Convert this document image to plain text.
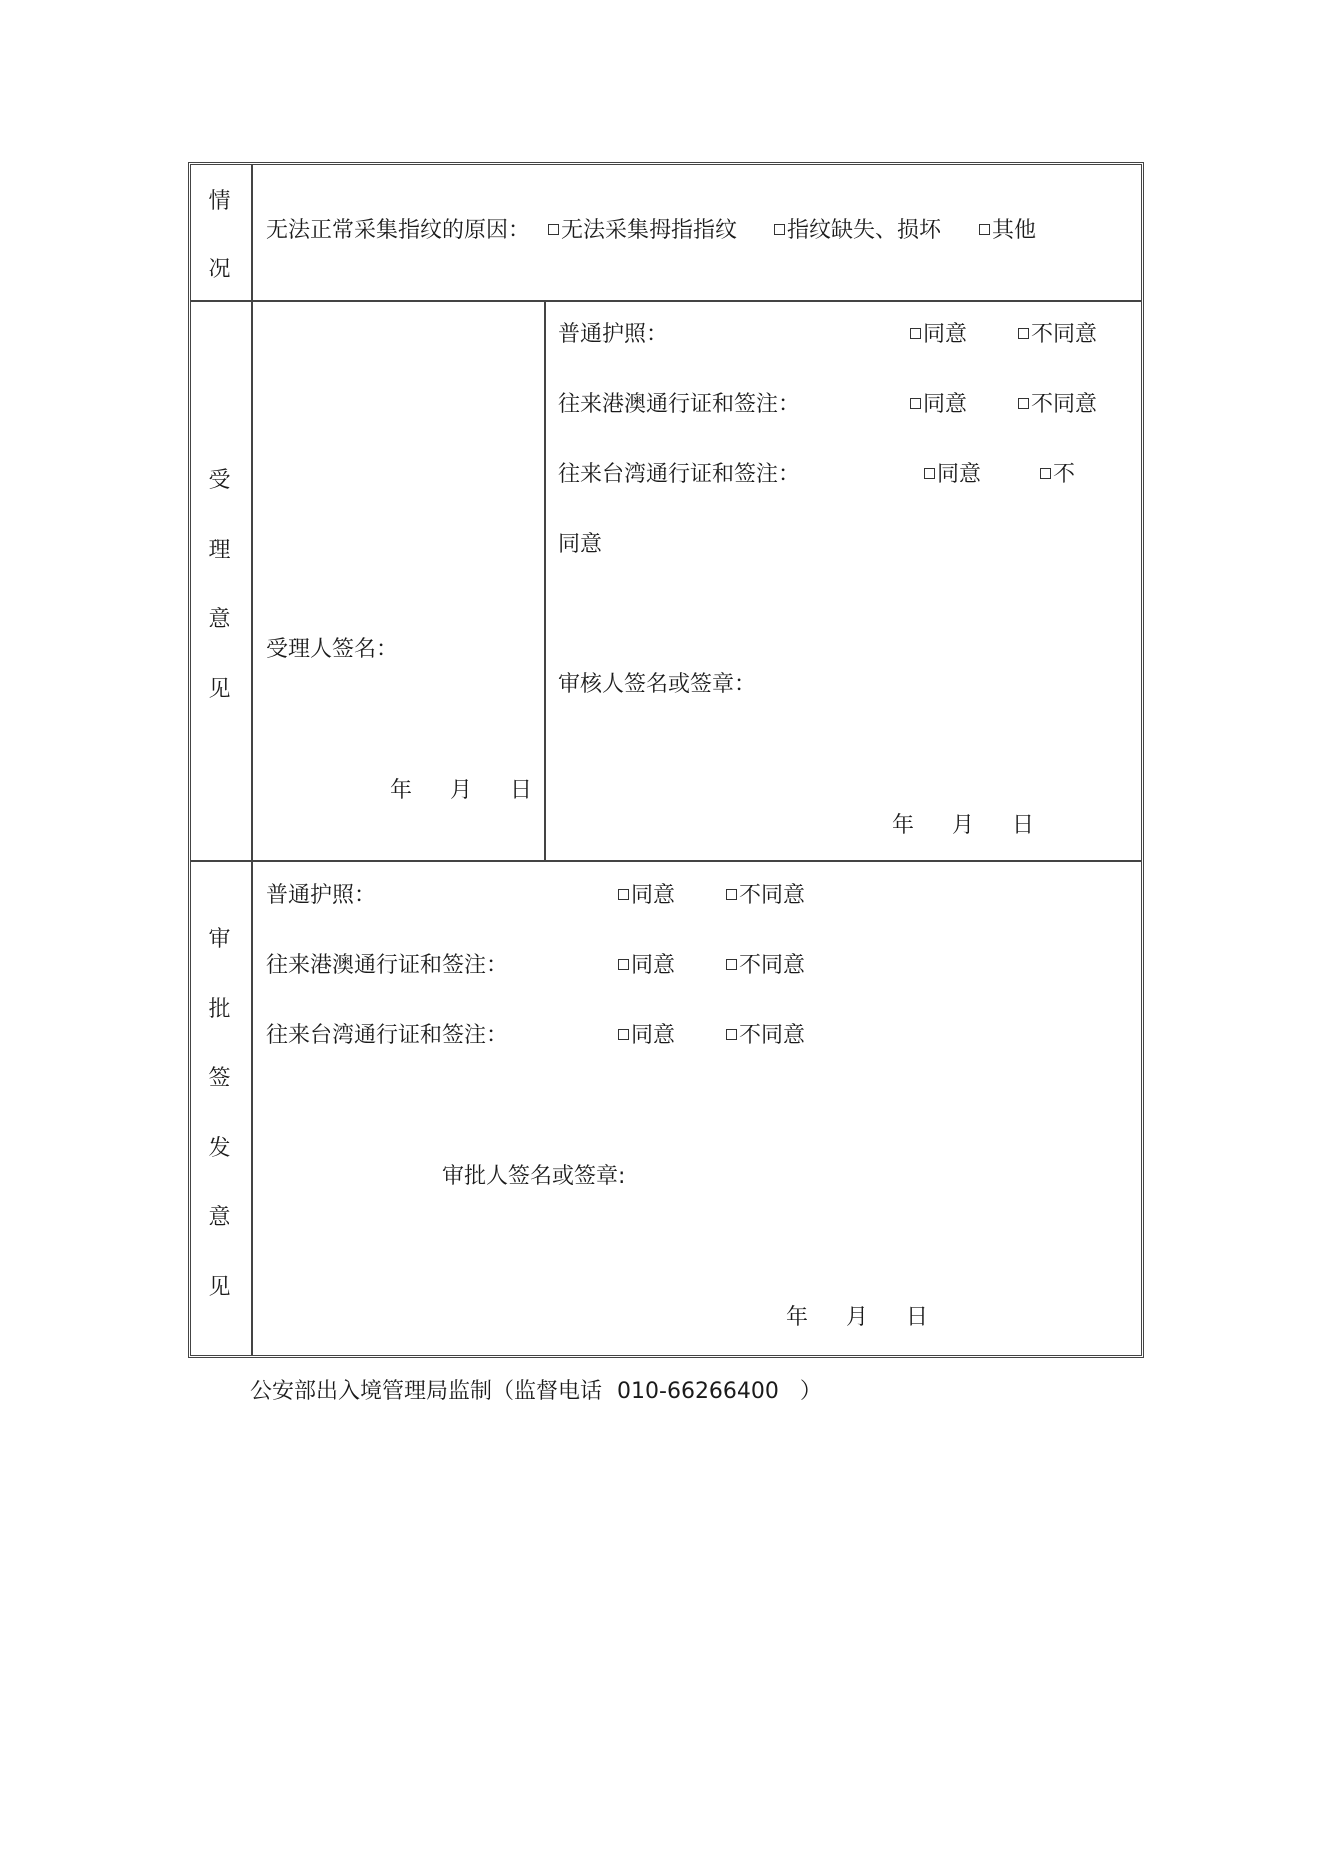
情
况
无法正常采集指纹的原因：	无法采集拇指指纹	指纹缺失、损坏	其他
受
理
意
见
受理人签名：
年 月 日
普通护照：	同意	不同意
往来港澳通行证和签注：	同意	不同意
往来台湾通行证和签注：	同意	不
同意
审核人签名或签章：
年 月 日
审
批
签
发
意
见
普通护照：	同意	不同意
往来港澳通行证和签注：	同意	不同意
往来台湾通行证和签注：	同意	不同意
审批人签名或签章:
年 月 日
公安部出入境管理局监制（监督电话 010-66266400 ）
